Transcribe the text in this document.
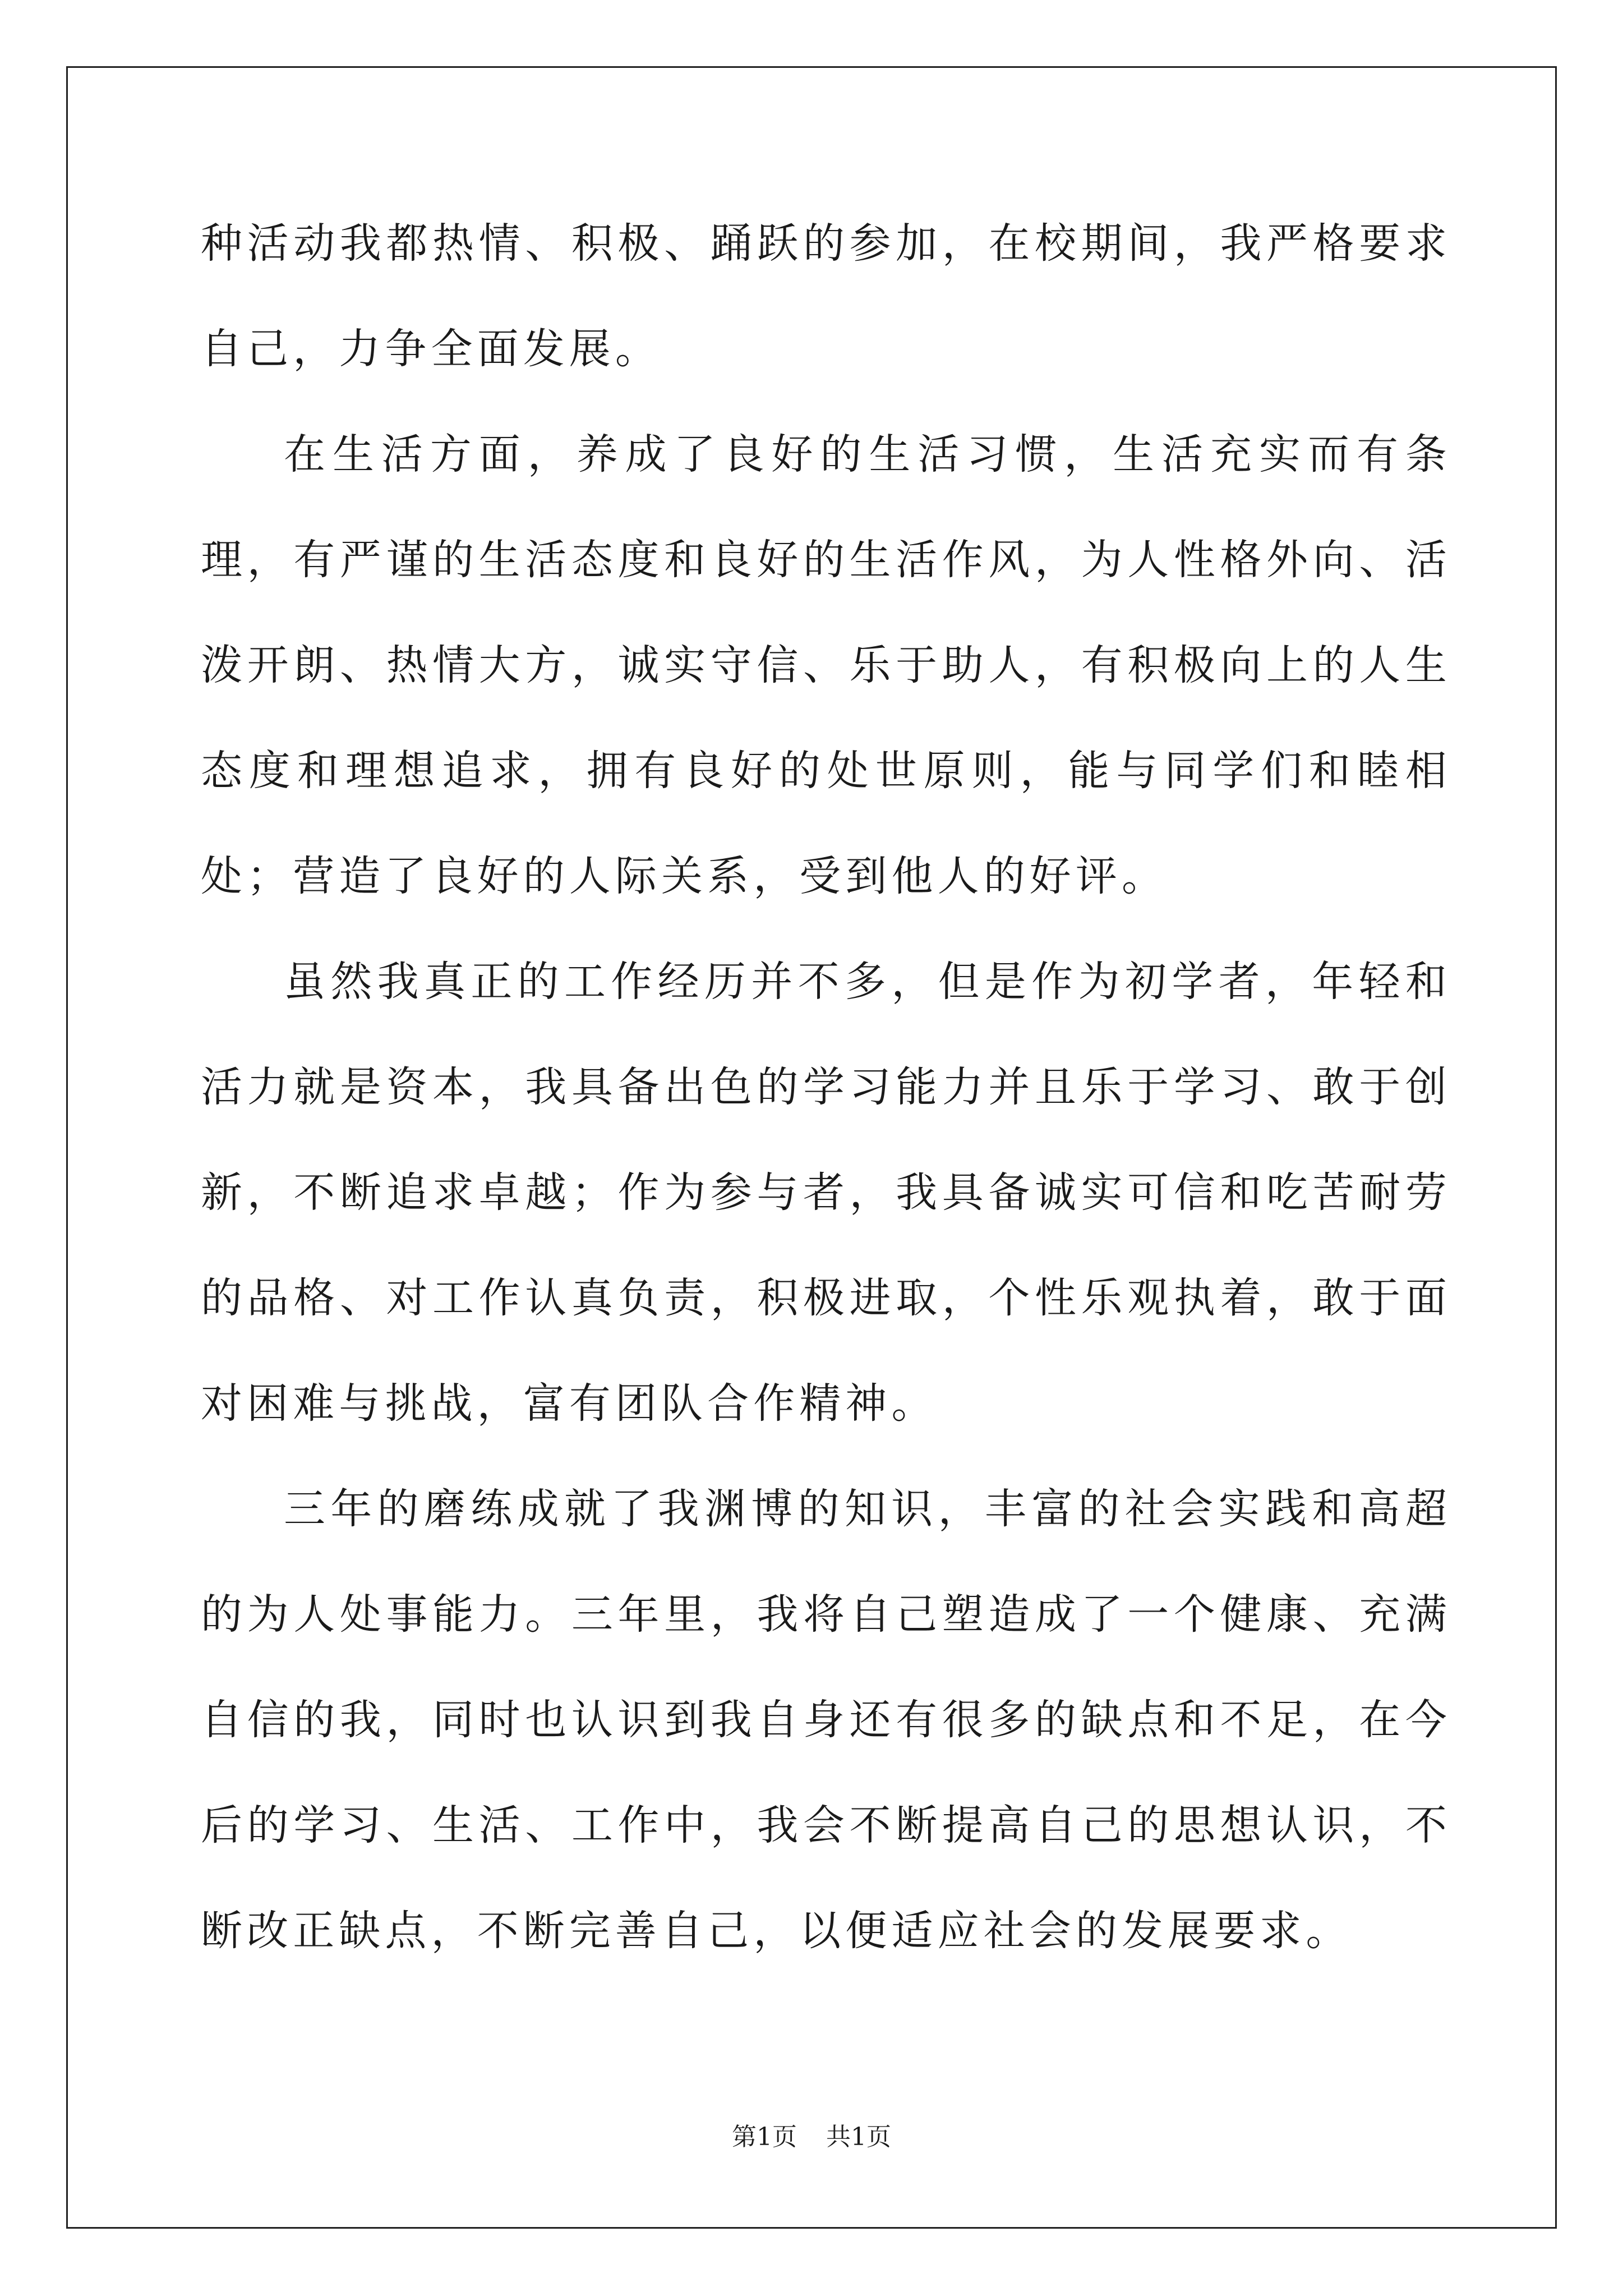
种活动我都热情、积极、踊跃的参加，在校期间，我严格要求自己，力争全面发展。

在生活方面，养成了良好的生活习惯，生活充实而有条理，有严谨的生活态度和良好的生活作风，为人性格外向、活泼开朗、热情大方，诚实守信、乐于助人，有积极向上的人生态度和理想追求，拥有良好的处世原则，能与同学们和睦相处；营造了良好的人际关系，受到他人的好评。

虽然我真正的工作经历并不多，但是作为初学者，年轻和活力就是资本，我具备出色的学习能力并且乐于学习、敢于创新，不断追求卓越；作为参与者，我具备诚实可信和吃苦耐劳的品格、对工作认真负责，积极进取，个性乐观执着，敢于面对困难与挑战，富有团队合作精神。

三年的磨练成就了我渊博的知识，丰富的社会实践和高超的为人处事能力。三年里，我将自己塑造成了一个健康、充满自信的我，同时也认识到我自身还有很多的缺点和不足，在今后的学习、生活、工作中，我会不断提高自己的思想认识，不断改正缺点，不断完善自己，以便适应社会的发展要求。

第1页 共1页
